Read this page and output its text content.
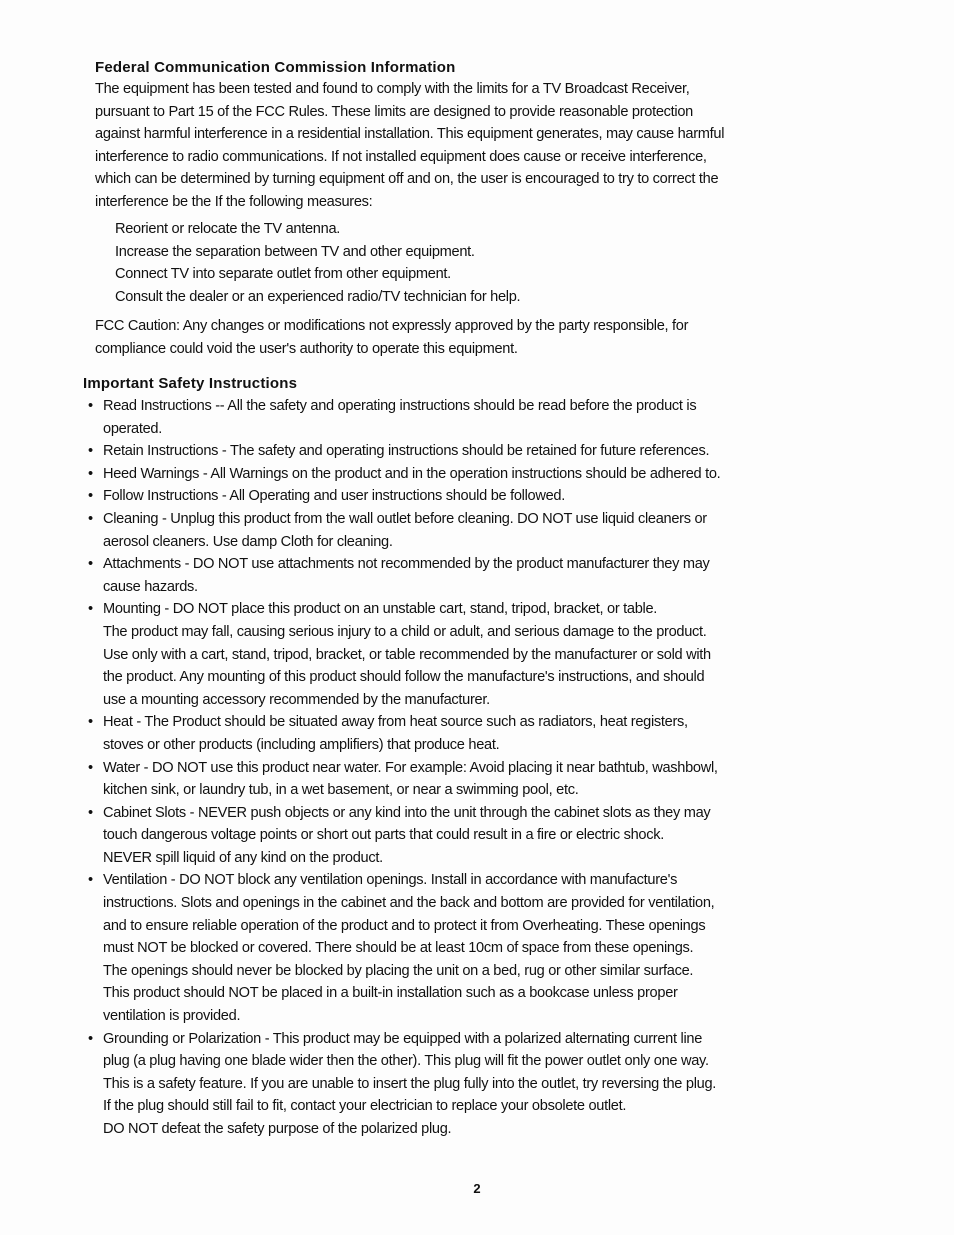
Federal Communication Commission Information
The equipment has been tested and found to comply with the limits for a TV Broadcast Receiver,
pursuant to Part 15 of the FCC Rules. These limits are designed to provide reasonable protection
against harmful interference in a residential installation. This equipment generates, may cause harmful
interference to radio communications. If not installed equipment does cause or receive interference,
which can be determined by turning equipment off and on, the user is encouraged to try to correct the
interference be the If the following measures:
Reorient or relocate the TV antenna.
Increase the separation between TV and other equipment.
Connect TV into separate outlet from other equipment.
Consult the dealer or an experienced radio/TV technician for help.
FCC Caution: Any changes or modifications not expressly approved by the party responsible, for
compliance could void the user's authority to operate this equipment.
Important Safety Instructions
• Read Instructions -- All the safety and operating instructions should be read before the product is
operated.
• Retain Instructions - The safety and operating instructions should be retained for future references.
• Heed Warnings - All Warnings on the product and in the operation instructions should be adhered to.
• Follow Instructions - All Operating and user instructions should be followed.
• Cleaning - Unplug this product from the wall outlet before cleaning. DO NOT use liquid cleaners or
aerosol cleaners. Use damp Cloth for cleaning.
• Attachments - DO NOT use attachments not recommended by the product manufacturer they may
cause hazards.
• Mounting - DO NOT place this product on an unstable cart, stand, tripod, bracket, or table.
The product may fall, causing serious injury to a child or adult, and serious damage to the product.
Use only with a cart, stand, tripod, bracket, or table recommended by the manufacturer or sold with
the product. Any mounting of this product should follow the manufacture's instructions, and should
use a mounting accessory recommended by the manufacturer.
• Heat - The Product should be situated away from heat source such as radiators, heat registers,
stoves or other products (including amplifiers) that produce heat.
• Water - DO NOT use this product near water. For example: Avoid placing it near bathtub, washbowl,
kitchen sink, or laundry tub, in a wet basement, or near a swimming pool, etc.
• Cabinet Slots - NEVER push objects or any kind into the unit through the cabinet slots as they may
touch dangerous voltage points or short out parts that could result in a fire or electric shock.
NEVER spill liquid of any kind on the product.
• Ventilation - DO NOT block any ventilation openings. Install in accordance with manufacture's
instructions. Slots and openings in the cabinet and the back and bottom are provided for ventilation,
and to ensure reliable operation of the product and to protect it from Overheating. These openings
must NOT be blocked or covered. There should be at least 10cm of space from these openings.
The openings should never be blocked by placing the unit on a bed, rug or other similar surface.
This product should NOT be placed in a built-in installation such as a bookcase unless proper
ventilation is provided.
• Grounding or Polarization - This product may be equipped with a polarized alternating current line
plug (a plug having one blade wider then the other). This plug will fit the power outlet only one way.
This is a safety feature. If you are unable to insert the plug fully into the outlet, try reversing the plug.
If the plug should still fail to fit, contact your electrician to replace your obsolete outlet.
DO NOT defeat the safety purpose of the polarized plug.
2
